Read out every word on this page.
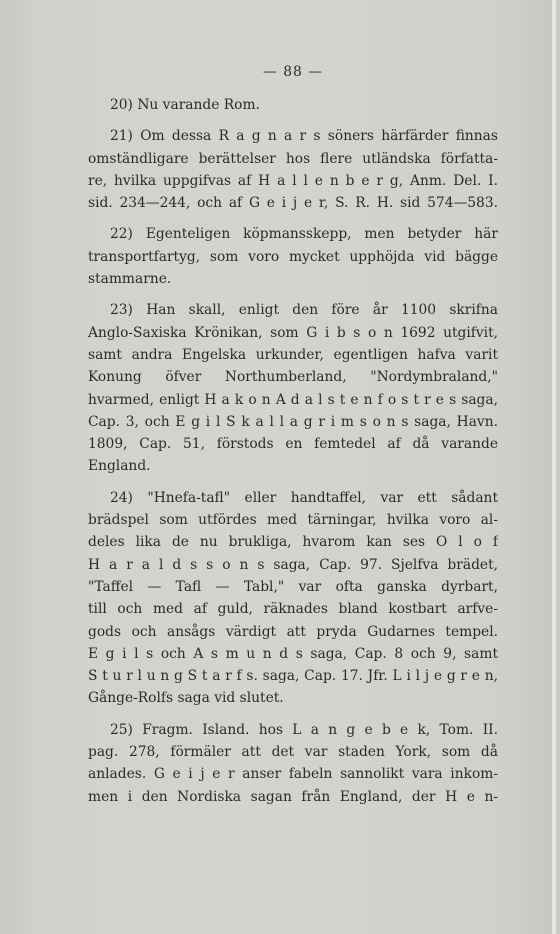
— 88 —
20) Nu varande Rom.
21) Om dessa R a g n a r s söners härfärder finnas
omständligare berättelser hos flere utländska författa-
re, hvilka uppgifvas af H a l l e n b e r g, Anm. Del. I.
sid. 234—244, och af G e i j e r, S. R. H. sid 574—583.
22) Egenteligen köpmansskepp, men betyder här
transportfartyg, som voro mycket upphöjda vid bägge
stammarne.
23) Han skall, enligt den före år 1100 skrifna
Anglo-Saxiska Krönikan, som G i b s o n 1692 utgifvit,
samt andra Engelska urkunder, egentligen hafva varit
Konung öfver Northumberland, "Nordymbraland,"
hvarmed, enligt H a k o n A d a l s t e n f o s t r e s saga,
Cap. 3, och E g i l S k a l l a g r i m s o n s saga, Havn.
1809, Cap. 51, förstods en femtedel af då varande
England.
24) "Hnefa-tafl" eller handtaffel, var ett sådant
brädspel som utfördes med tärningar, hvilka voro al-
deles lika de nu brukliga, hvarom kan ses O l o f
H a r a l d s s o n s saga, Cap. 97. Sjelfva brädet,
"Taffel — Tafl — Tabl," var ofta ganska dyrbart,
till och med af guld, räknades bland kostbart arfve-
gods och ansågs värdigt att pryda Gudarnes tempel.
E g i l s och A s m u n d s saga, Cap. 8 och 9, samt
S t u r l u n g S t a r f s. saga, Cap. 17. Jfr. L i l j e g r e n,
Gånge-Rolfs saga vid slutet.
25) Fragm. Island. hos L a n g e b e k, Tom. II.
pag. 278, förmäler att det var staden York, som då
anlades. G e i j e r anser fabeln sannolikt vara inkom-
men i den Nordiska sagan från England, der H e n-
